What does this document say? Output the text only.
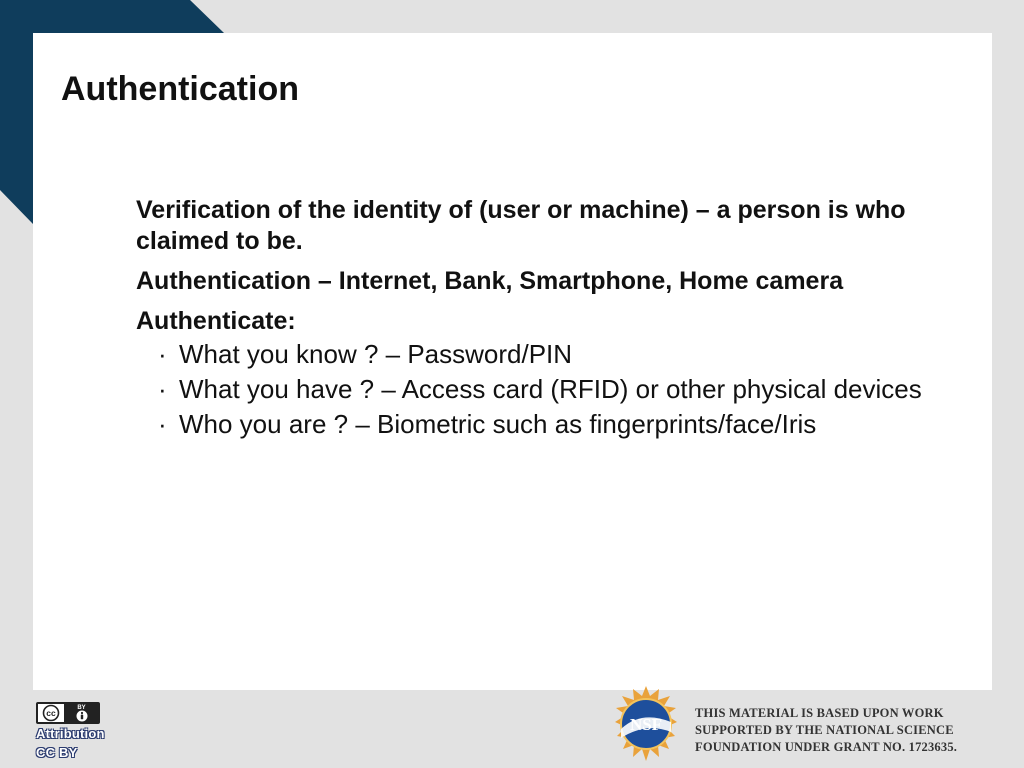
Authentication

Verification of the identity of (user or machine) – a person is who claimed to be.

Authentication – Internet, Bank, Smartphone, Home camera

Authenticate:

· What you know ? – Password/PIN
· What you have ? – Access card (RFID) or other physical devices
· Who you are ? – Biometric such as fingerprints/face/Iris
cc
BY
Attribution
CC BY
NSF
THIS MATERIAL IS BASED UPON WORK
SUPPORTED BY THE NATIONAL SCIENCE
FOUNDATION UNDER GRANT NO. 1723635.
